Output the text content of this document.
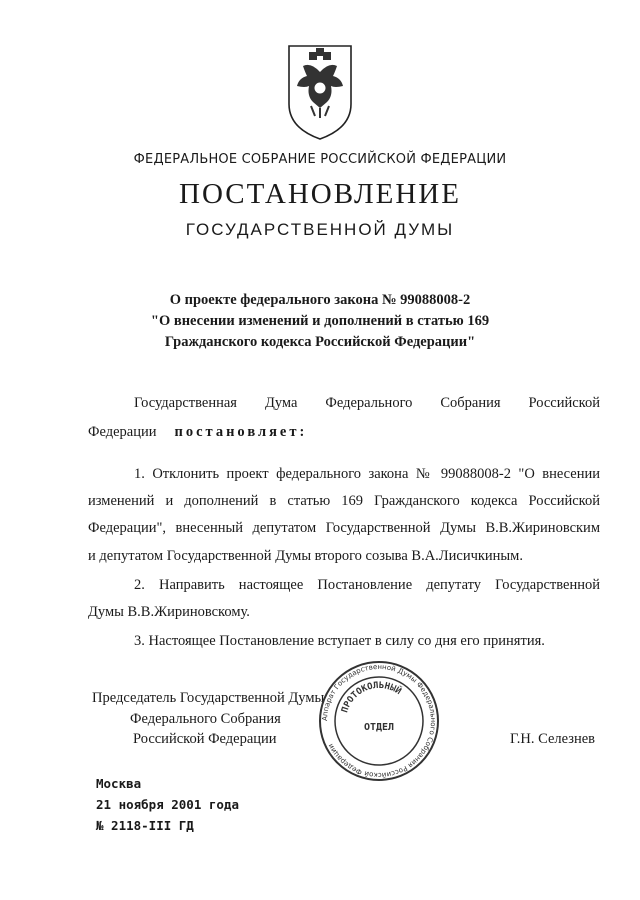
ФЕДЕРАЛЬНОЕ СОБРАНИЕ РОССИЙСКОЙ ФЕДЕРАЦИИ
ПОСТАНОВЛЕНИЕ
ГОСУДАРСТВЕННОЙ ДУМЫ
О проекте федерального закона № 99088008-2
"О внесении изменений и дополнений в статью 169
Гражданского кодекса Российской Федерации"
Государственная Дума Федерального Собрания Российской
Федерации постановляет:
1. Отклонить проект федерального закона № 99088008-2 "О внесении
изменений и дополнений в статью 169 Гражданского кодекса Российской
Федерации", внесенный депутатом Государственной Думы В.В.Жириновским
и депутатом Государственной Думы второго созыва В.А.Лисичкиным.
2. Направить настоящее Постановление депутату Государственной
Думы В.В.Жириновскому.
3. Настоящее Постановление вступает в силу со дня его принятия.
Председатель Государственной Думы
Федерального Собрания
Российской Федерации	Г.Н. Селезнев
Аппарат Государственной Думы Федерального Собрания Российской Федерации
ПРОТОКОЛЬНЫЙ
ОТДЕЛ
Москва
21 ноября 2001 года
№ 2118-III ГД
